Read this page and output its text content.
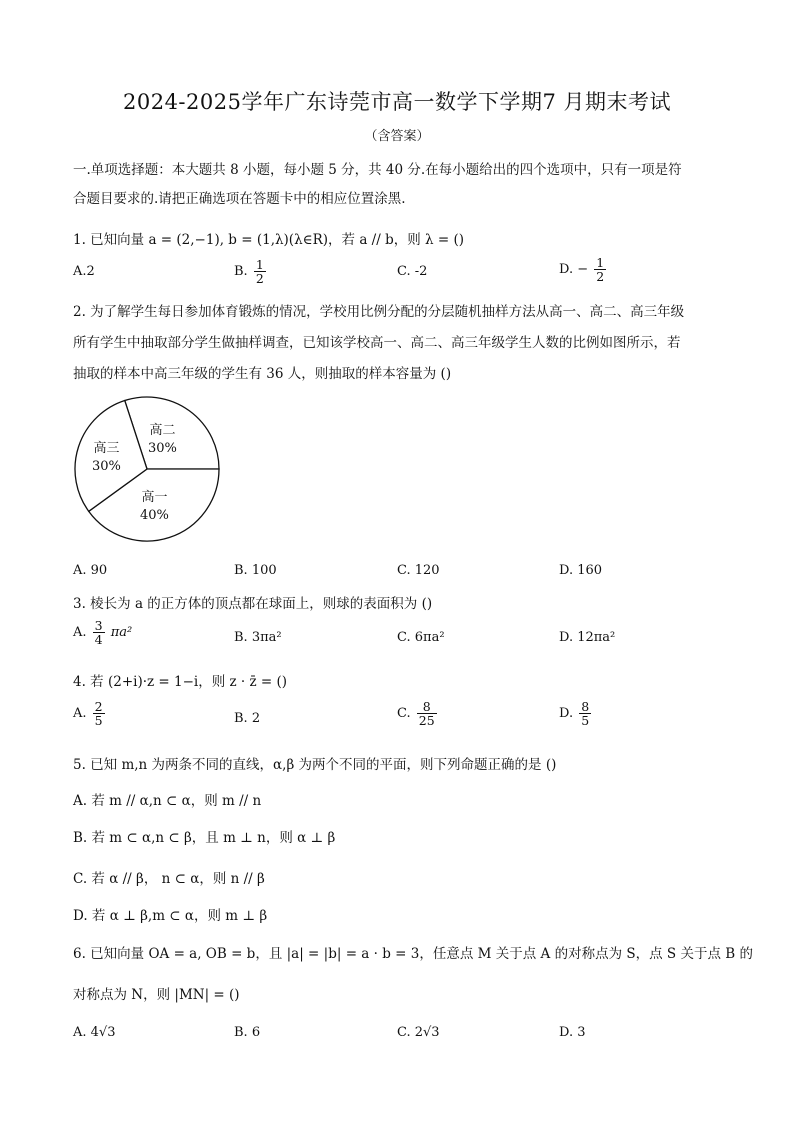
2024-2025学年广东诗莞市高一数学下学期7 月期末考试
（含答案）
一.单项选择题：本大题共 8 小题，每小题 5 分，共 40 分.在每小题给出的四个选项中，只有一项是符
合题目要求的.请把正确选项在答题卡中的相应位置涂黑.
1. 已知向量 a = (2,−1), b = (1,λ)(λ∈R)，若 a // b，则 λ = ()
A.2	B. $\frac{1}{2}$	C. -2	D. − $\frac{1}{2}$
2. 为了解学生每日参加体育锻炼的情况，学校用比例分配的分层随机抽样方法从高一、高二、高三年级
所有学生中抽取部分学生做抽样调查，已知该学校高一、高二、高三年级学生人数的比例如图所示，若
抽取的样本中高三年级的学生有 36 人，则抽取的样本容量为 ()
高二
30%
高一
40%
高三
30%
A. 90	B. 100	C. 120	D. 160
3. 棱长为 a 的正方体的顶点都在球面上，则球的表面积为 ()
A. $\frac{3}{4} \pi a^2$	B. 3πa²	C. 6πa²	D. 12πa²
4. 若 (2+i)·z = 1−i，则 z · z̄ = ()
A. $\frac{2}{5}$	B. 2	C. $\frac{8}{25}$	D. $\frac{8}{5}$
5. 已知 m,n 为两条不同的直线，α,β 为两个不同的平面，则下列命题正确的是 ()
A. 若 m // α,n ⊂ α，则 m // n
B. 若 m ⊂ α,n ⊂ β，且 m ⊥ n，则 α ⊥ β
C. 若 α // β， n ⊂ α，则 n // β
D. 若 α ⊥ β,m ⊂ α，则 m ⊥ β
6. 已知向量 OA = a, OB = b，且 |a| = |b| = a · b = 3，任意点 M 关于点 A 的对称点为 S，点 S 关于点 B 的
对称点为 N，则 |MN| = ()
A. 4√3	B. 6	C. 2√3	D. 3
